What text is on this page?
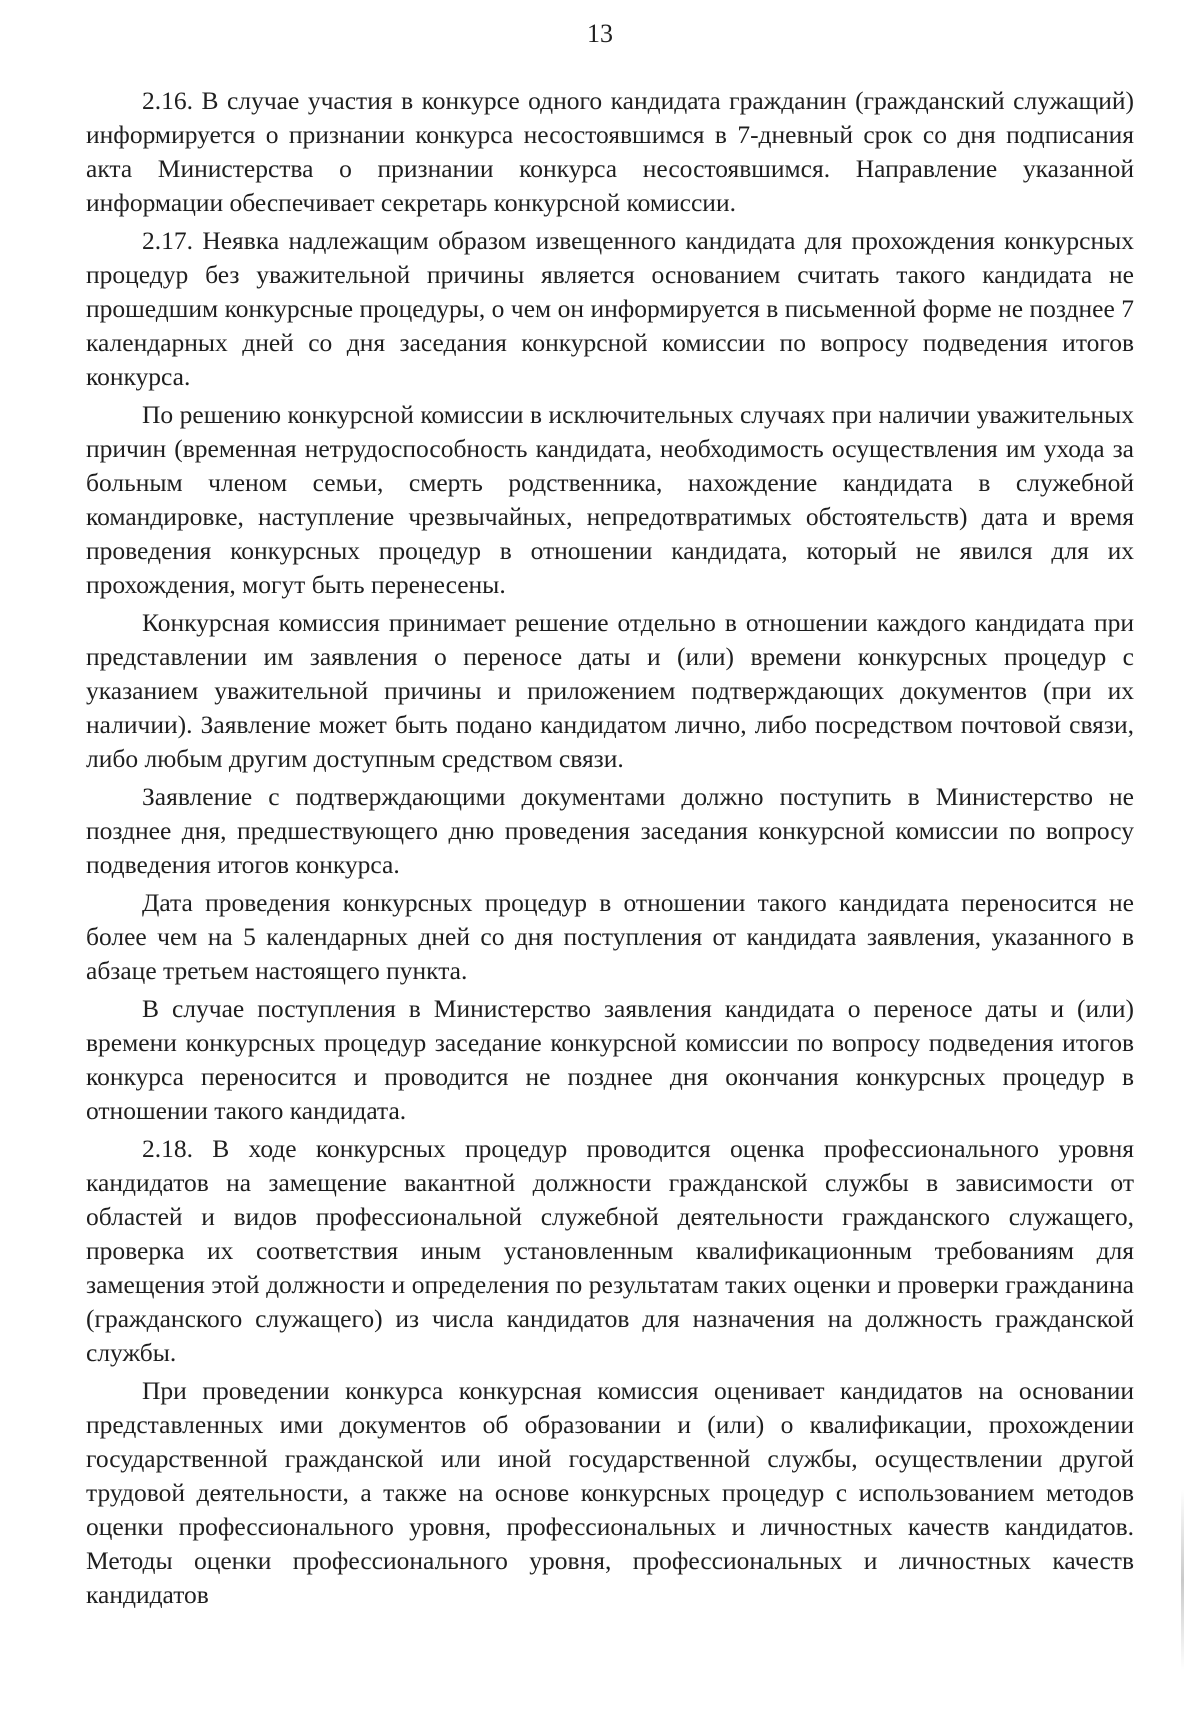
13

2.16. В случае участия в конкурсе одного кандидата гражданин (гражданский служащий) информируется о признании конкурса несостоявшимся в 7-дневный срок со дня подписания акта Министерства о признании конкурса несостоявшимся. Направление указанной информации обеспечивает секретарь конкурсной комиссии.

2.17. Неявка надлежащим образом извещенного кандидата для прохождения конкурсных процедур без уважительной причины является основанием считать такого кандидата не прошедшим конкурсные процедуры, о чем он информируется в письменной форме не позднее 7 календарных дней со дня заседания конкурсной комиссии по вопросу подведения итогов конкурса.

По решению конкурсной комиссии в исключительных случаях при наличии уважительных причин (временная нетрудоспособность кандидата, необходимость осуществления им ухода за больным членом семьи, смерть родственника, нахождение кандидата в служебной командировке, наступление чрезвычайных, непредотвратимых обстоятельств) дата и время проведения конкурсных процедур в отношении кандидата, который не явился для их прохождения, могут быть перенесены.

Конкурсная комиссия принимает решение отдельно в отношении каждого кандидата при представлении им заявления о переносе даты и (или) времени конкурсных процедур с указанием уважительной причины и приложением подтверждающих документов (при их наличии). Заявление может быть подано кандидатом лично, либо посредством почтовой связи, либо любым другим доступным средством связи.

Заявление с подтверждающими документами должно поступить в Министерство не позднее дня, предшествующего дню проведения заседания конкурсной комиссии по вопросу подведения итогов конкурса.

Дата проведения конкурсных процедур в отношении такого кандидата переносится не более чем на 5 календарных дней со дня поступления от кандидата заявления, указанного в абзаце третьем настоящего пункта.

В случае поступления в Министерство заявления кандидата о переносе даты и (или) времени конкурсных процедур заседание конкурсной комиссии по вопросу подведения итогов конкурса переносится и проводится не позднее дня окончания конкурсных процедур в отношении такого кандидата.

2.18. В ходе конкурсных процедур проводится оценка профессионального уровня кандидатов на замещение вакантной должности гражданской службы в зависимости от областей и видов профессиональной служебной деятельности гражданского служащего, проверка их соответствия иным установленным квалификационным требованиям для замещения этой должности и определения по результатам таких оценки и проверки гражданина (гражданского служащего) из числа кандидатов для назначения на должность гражданской службы.

При проведении конкурса конкурсная комиссия оценивает кандидатов на основании представленных ими документов об образовании и (или) о квалификации, прохождении государственной гражданской или иной государственной службы, осуществлении другой трудовой деятельности, а также на основе конкурсных процедур с использованием методов оценки профессионального уровня, профессиональных и личностных качеств кандидатов. Методы оценки профессионального уровня, профессиональных и личностных качеств кандидатов
